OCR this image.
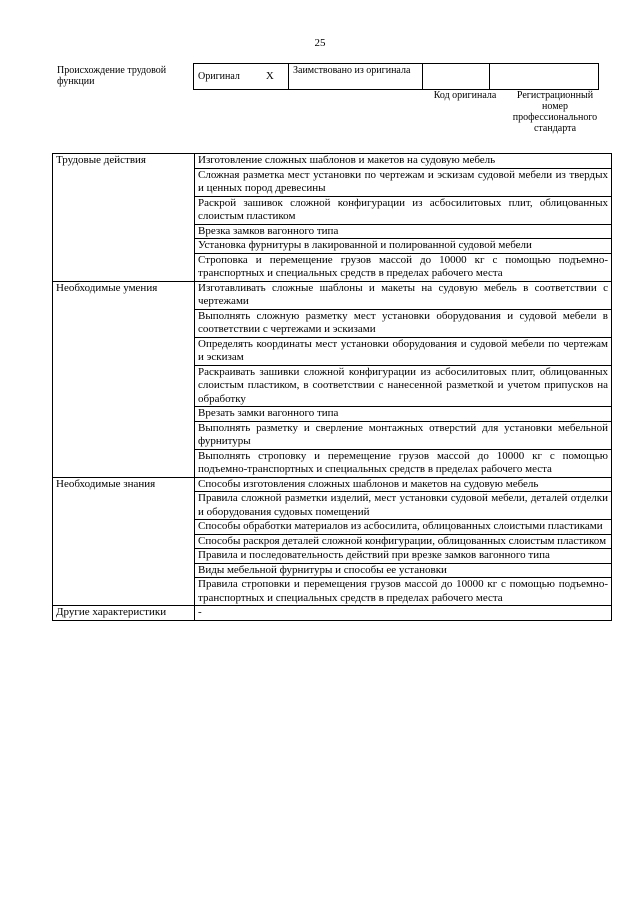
25
Происхождение трудовой функции	Оригинал X	Заимствовано из оригинала		
Код оригинала	Регистрационный номер профессионального стандарта
Трудовые действия	Изготовление сложных шаблонов и макетов на судовую мебель
	Сложная разметка мест установки по чертежам и эскизам судовой мебели из твердых и ценных пород древесины
	Раскрой зашивок сложной конфигурации из асбосилитовых плит, облицованных слоистым пластиком
	Врезка замков вагонного типа
	Установка фурнитуры в лакированной и полированной судовой мебели
	Строповка и перемещение грузов массой до 10000 кг с помощью подъемно-транспортных и специальных средств в пределах рабочего места
Необходимые умения	Изготавливать сложные шаблоны и макеты на судовую мебель в соответствии с чертежами
	Выполнять сложную разметку мест установки оборудования и судовой мебели в соответствии с чертежами и эскизами
	Определять координаты мест установки оборудования и судовой мебели по чертежам и эскизам
	Раскраивать зашивки сложной конфигурации из асбосилитовых плит, облицованных слоистым пластиком, в соответствии с нанесенной разметкой и учетом припусков на обработку
	Врезать замки вагонного типа
	Выполнять разметку и сверление монтажных отверстий для установки мебельной фурнитуры
	Выполнять строповку и перемещение грузов массой до 10000 кг с помощью подъемно-транспортных и специальных средств в пределах рабочего места
Необходимые знания	Способы изготовления сложных шаблонов и макетов на судовую мебель
	Правила сложной разметки изделий, мест установки судовой мебели, деталей отделки и оборудования судовых помещений
	Способы обработки материалов из асбосилита, облицованных слоистыми пластиками
	Способы раскроя деталей сложной конфигурации, облицованных слоистым пластиком
	Правила и последовательность действий при врезке замков вагонного типа
	Виды мебельной фурнитуры и способы ее установки
	Правила строповки и перемещения грузов массой до 10000 кг с помощью подъемно-транспортных и специальных средств в пределах рабочего места
Другие характеристики	-
